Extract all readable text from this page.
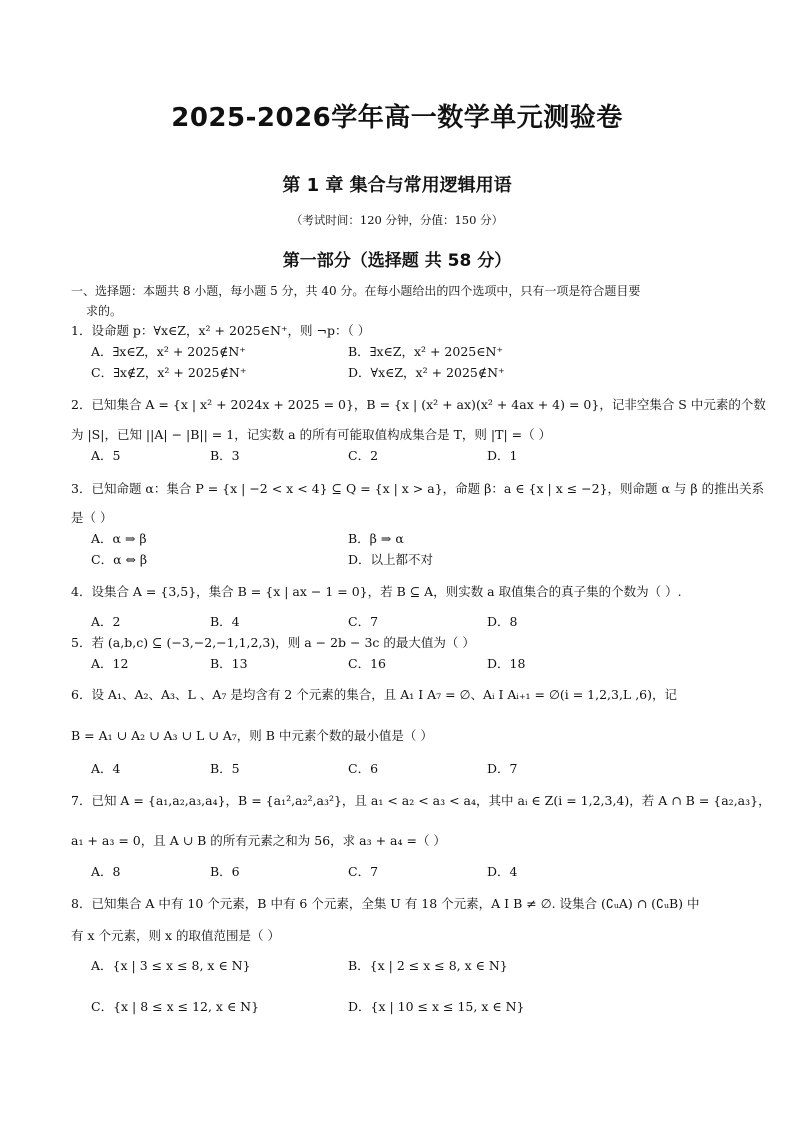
2025-2026学年高一数学单元测验卷
第 1 章 集合与常用逻辑用语
（考试时间：120 分钟，分值：150 分）
第一部分（选择题 共 58 分）
一、选择题：本题共 8 小题，每小题 5 分，共 40 分。在每小题给出的四个选项中，只有一项是符合题目要
求的。
1．设命题 p：∀x∈Z，x² + 2025∈N⁺，则 ¬p：（ ）
A．∃x∈Z，x² + 2025∉N⁺	B．∃x∈Z，x² + 2025∈N⁺
C．∃x∉Z，x² + 2025∉N⁺	D．∀x∈Z，x² + 2025∉N⁺
2．已知集合 A = {x | x² + 2024x + 2025 = 0}，B = {x | (x² + ax)(x² + 4ax + 4) = 0}，记非空集合 S 中元素的个数
为 |S|，已知 ||A| − |B|| = 1，记实数 a 的所有可能取值构成集合是 T，则 |T| =（ ）
A．5	B．3	C．2	D．1
3．已知命题 α：集合 P = {x | −2 < x < 4} ⊆ Q = {x | x > a}，命题 β：a ∈ {x | x ≤ −2}，则命题 α 与 β 的推出关系
是（ ）
A．α ⇒ β	B．β ⇒ α
C．α ⇔ β	D．以上都不对
4．设集合 A = {3,5}，集合 B = {x | ax − 1 = 0}，若 B ⊆ A，则实数 a 取值集合的真子集的个数为（ ）.
A．2	B．4	C．7	D．8
5．若 (a,b,c) ⊆ (−3,−2,−1,1,2,3)，则 a − 2b − 3c 的最大值为（ ）
A．12	B．13	C．16	D．18
6．设 A₁、A₂、A₃、L 、A₇ 是均含有 2 个元素的集合，且 A₁ I A₇ = ∅、Aᵢ I Aᵢ₊₁ = ∅(i = 1,2,3,L ,6)，记
B = A₁ ∪ A₂ ∪ A₃ ∪ L ∪ A₇，则 B 中元素个数的最小值是（ ）
A．4	B．5	C．6	D．7
7．已知 A = {a₁,a₂,a₃,a₄}，B = {a₁²,a₂²,a₃²}，且 a₁ < a₂ < a₃ < a₄，其中 aᵢ ∈ Z(i = 1,2,3,4)，若 A ∩ B = {a₂,a₃}，
a₁ + a₃ = 0，且 A ∪ B 的所有元素之和为 56，求 a₃ + a₄ =（ ）
A．8	B．6	C．7	D．4
8．已知集合 A 中有 10 个元素，B 中有 6 个元素，全集 U 有 18 个元素，A I B ≠ ∅. 设集合 (∁ᵤA) ∩ (∁ᵤB) 中
有 x 个元素，则 x 的取值范围是（ ）
A．{x | 3 ≤ x ≤ 8, x ∈ N}	B．{x | 2 ≤ x ≤ 8, x ∈ N}
C．{x | 8 ≤ x ≤ 12, x ∈ N}	D．{x | 10 ≤ x ≤ 15, x ∈ N}
